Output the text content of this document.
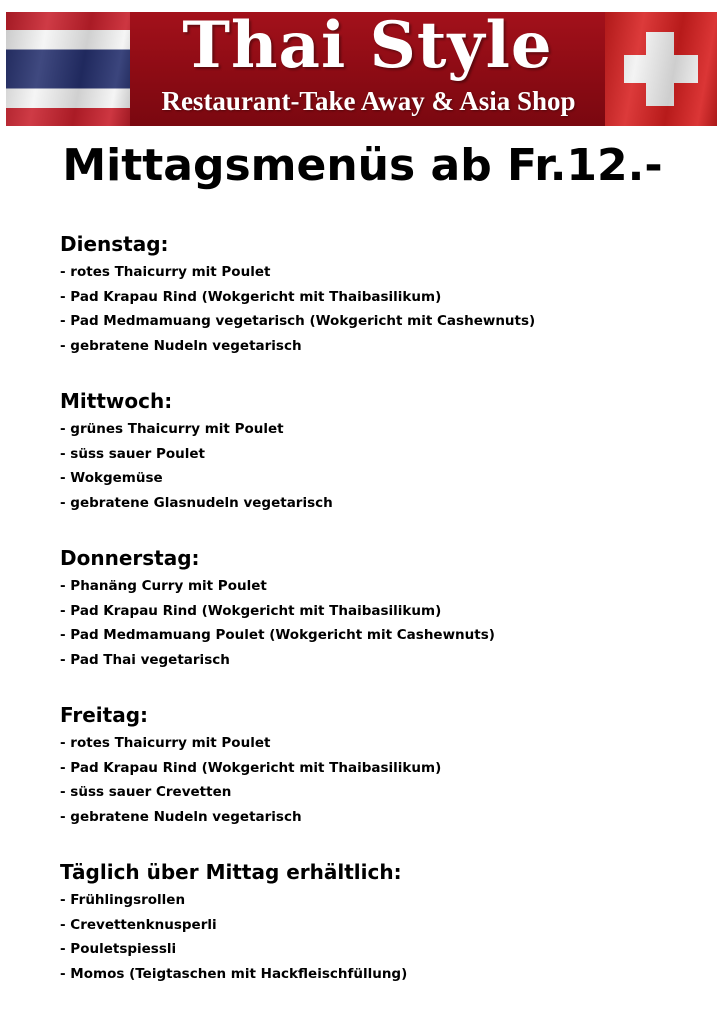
Thai Style
Restaurant-Take Away & Asia Shop
Mittagsmenüs ab Fr.12.-
Dienstag:
- rotes Thaicurry mit Poulet
- Pad Krapau Rind (Wokgericht mit Thaibasilikum)
- Pad Medmamuang vegetarisch (Wokgericht mit Cashewnuts)
- gebratene Nudeln vegetarisch
Mittwoch:
- grünes Thaicurry mit Poulet
- süss sauer Poulet
- Wokgemüse
- gebratene Glasnudeln vegetarisch
Donnerstag:
- Phanäng Curry mit Poulet
- Pad Krapau Rind (Wokgericht mit Thaibasilikum)
- Pad Medmamuang Poulet (Wokgericht mit Cashewnuts)
- Pad Thai vegetarisch
Freitag:
- rotes Thaicurry mit Poulet
- Pad Krapau Rind (Wokgericht mit Thaibasilikum)
- süss sauer Crevetten
- gebratene Nudeln vegetarisch
Täglich über Mittag erhältlich:
- Frühlingsrollen
- Crevettenknusperli
- Pouletspiessli
- Momos (Teigtaschen mit Hackfleischfüllung)
